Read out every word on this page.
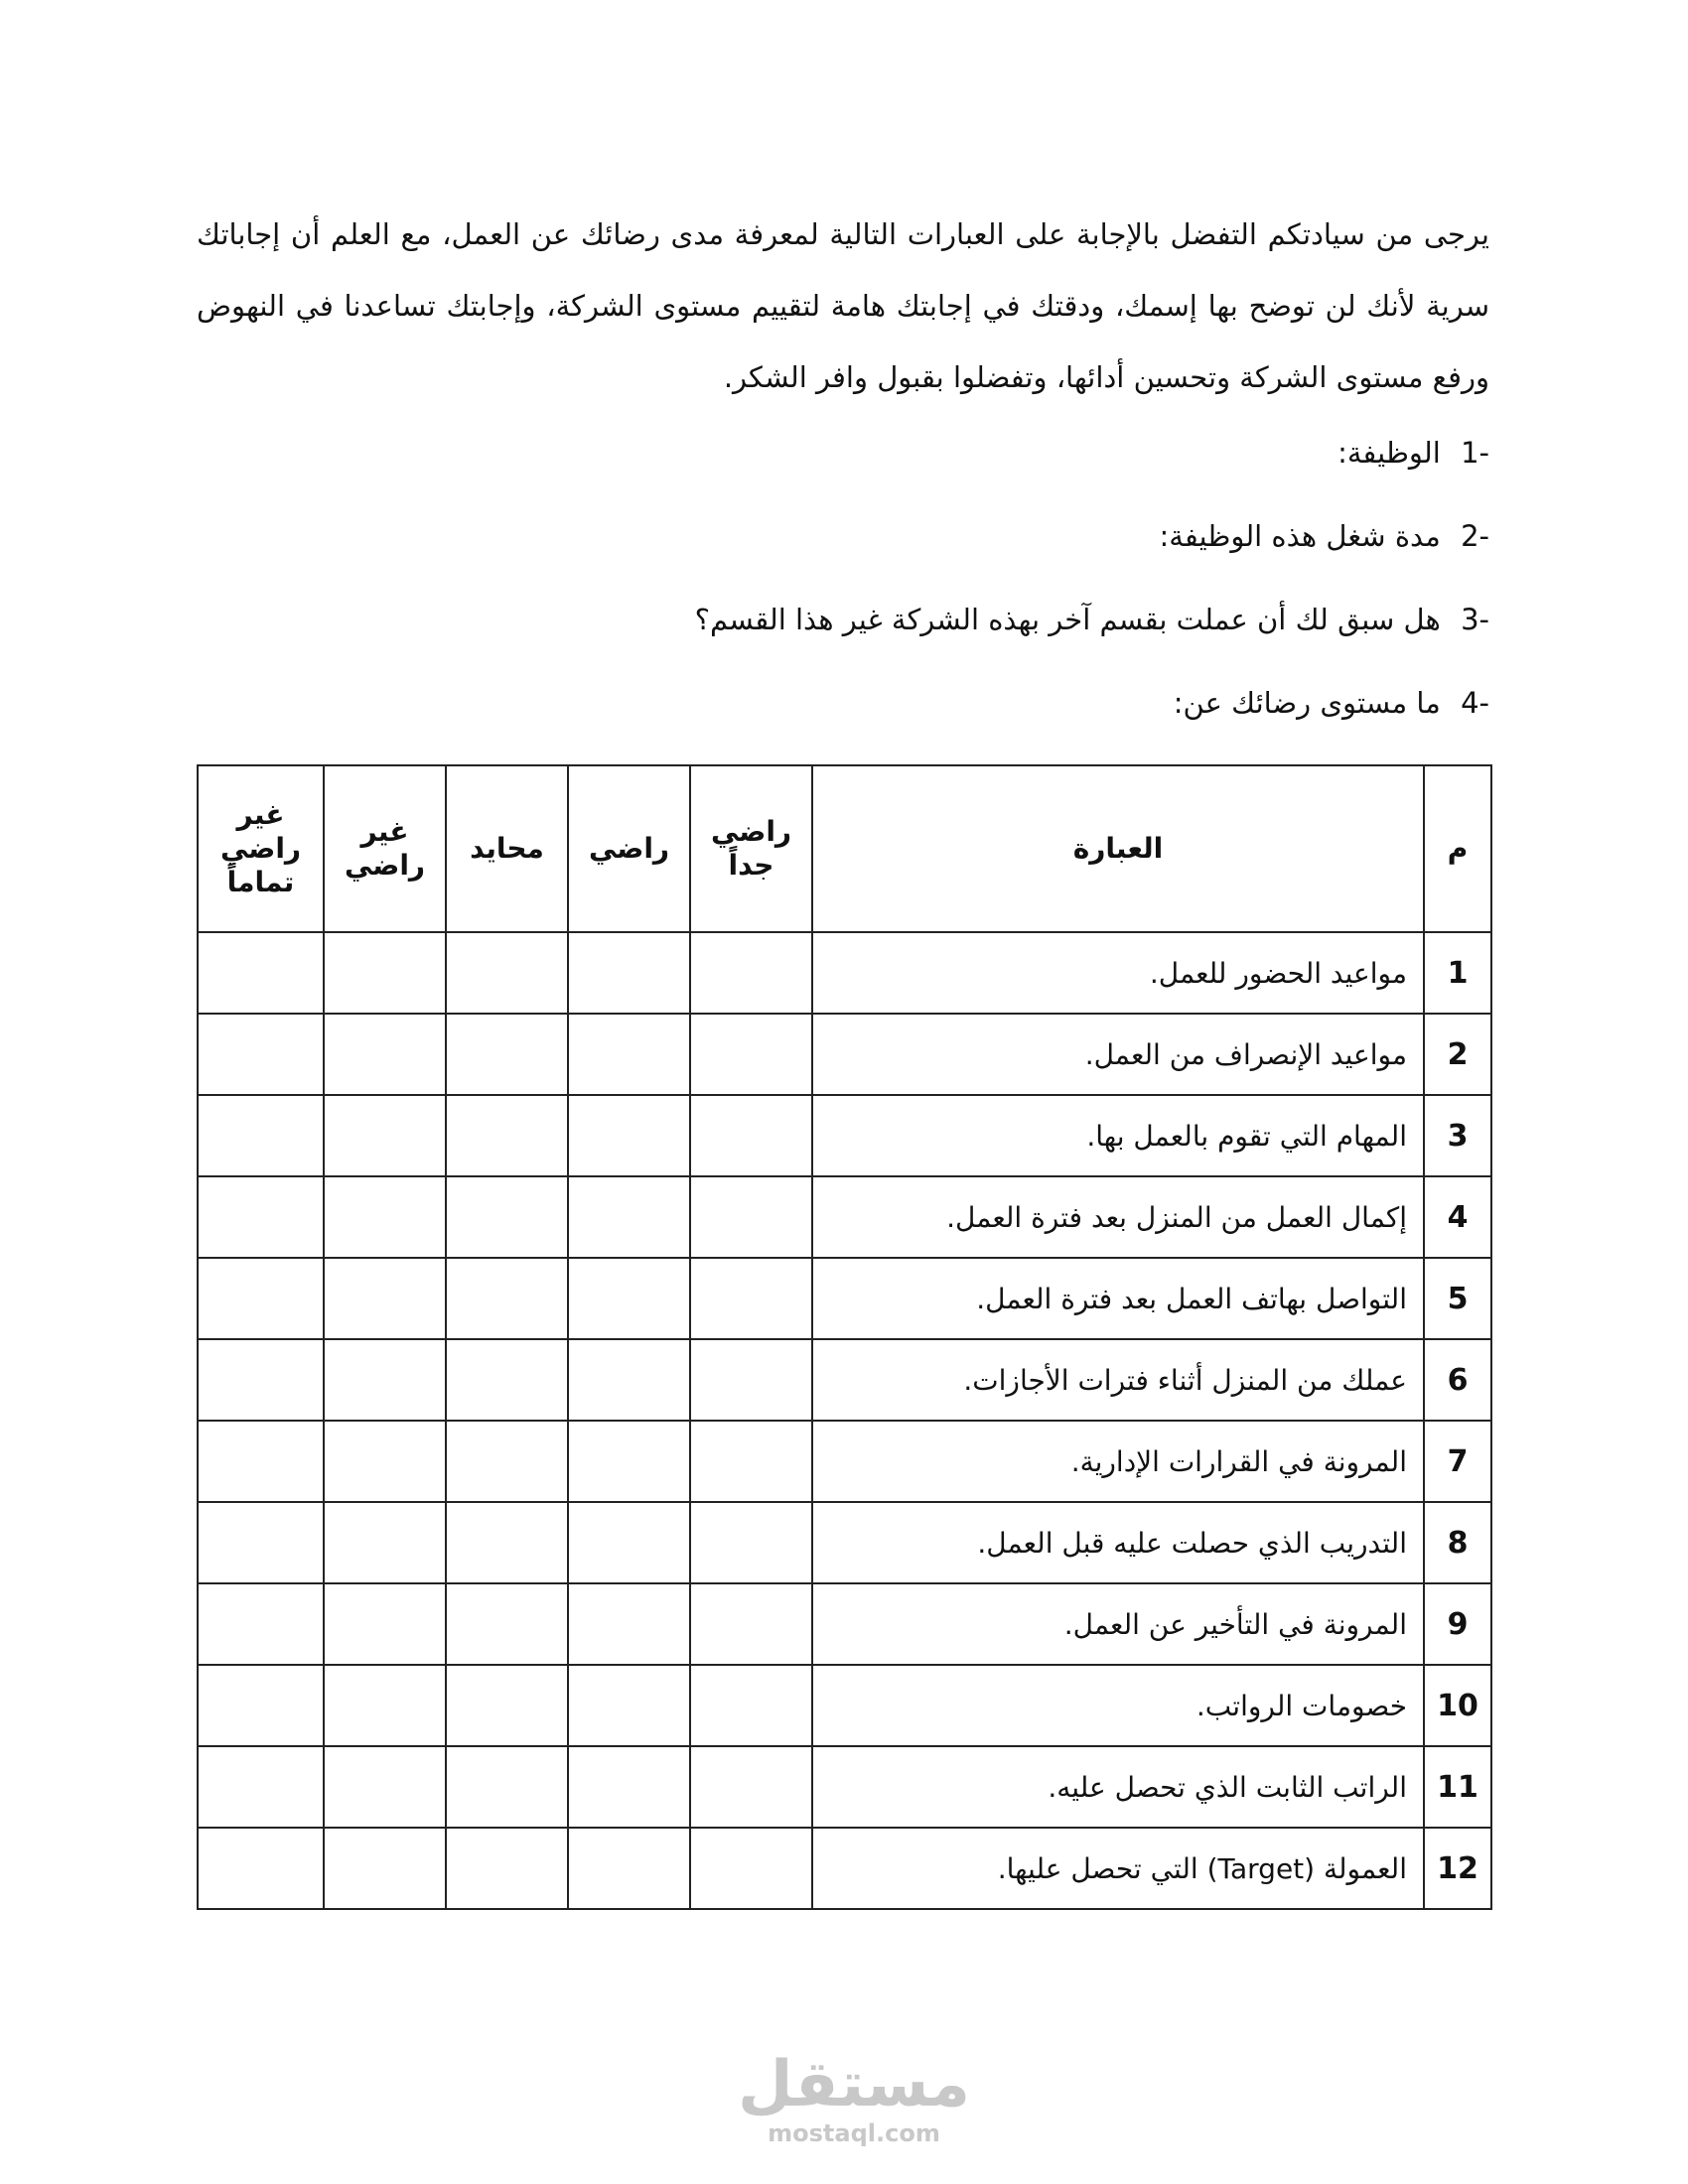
يرجى من سيادتكم التفضل بالإجابة على العبارات التالية لمعرفة مدى رضائك عن العمل، مع العلم أن إجاباتك سرية لأنك لن توضح بها إسمك، ودقتك في إجابتك هامة لتقييم مستوى الشركة، وإجابتك تساعدنا في النهوض ورفع مستوى الشركة وتحسين أدائها، وتفضلوا بقبول وافر الشكر.

-1 الوظيفة:

-2 مدة شغل هذه الوظيفة:

-3 هل سبق لك أن عملت بقسم آخر بهذه الشركة غير هذا القسم؟

-4 ما مستوى رضائك عن:

م	العبارة	راضي جداً	راضي	محايد	غير راضي	غير راضي تماماً
1	مواعيد الحضور للعمل.					
2	مواعيد الإنصراف من العمل.					
3	المهام التي تقوم بالعمل بها.					
4	إكمال العمل من المنزل بعد فترة العمل.					
5	التواصل بهاتف العمل بعد فترة العمل.					
6	عملك من المنزل أثناء فترات الأجازات.					
7	المرونة في القرارات الإدارية.					
8	التدريب الذي حصلت عليه قبل العمل.					
9	المرونة في التأخير عن العمل.					
10	خصومات الرواتب.					
11	الراتب الثابت الذي تحصل عليه.					
12	العمولة (Target) التي تحصل عليها.					
مستقل
mostaql.com
